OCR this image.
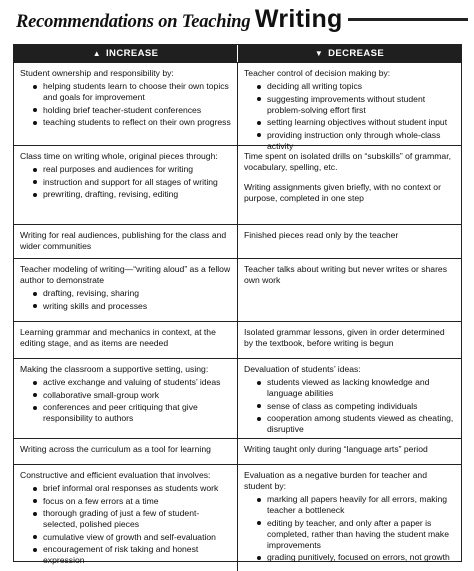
Recommendations on Teaching Writing
▲ INCREASE	▼ DECREASE

Student ownership and responsibility by:

helping students learn to choose their own topics and goals for improvement
holding brief teacher-student conferences
teaching students to reflect on their own progress

Teacher control of decision making by:

deciding all writing topics
suggesting improvements without student problem-solving effort first
setting learning objectives without student input
providing instruction only through whole-class activity

Class time on writing whole, original pieces through:

real purposes and audiences for writing
instruction and support for all stages of writing
prewriting, drafting, revising, editing

Time spent on isolated drills on “subskills” of grammar, vocabulary, spelling, etc.

Writing assignments given briefly, with no context or purpose, completed in one step

Writing for real audiences, publishing for the class and wider communities

Finished pieces read only by the teacher

Teacher modeling of writing—“writing aloud” as a fellow author to demonstrate

drafting, revising, sharing
writing skills and processes

Teacher talks about writing but never writes or shares own work

Learning grammar and mechanics in context, at the editing stage, and as items are needed

Isolated grammar lessons, given in order determined by the textbook, before writing is begun

Making the classroom a supportive setting, using:

active exchange and valuing of students’ ideas
collaborative small-group work
conferences and peer critiquing that give responsibility to authors

Devaluation of students’ ideas:

students viewed as lacking knowledge and language abilities
sense of class as competing individuals
cooperation among students viewed as cheating, disruptive

Writing across the curriculum as a tool for learning	Writing taught only during “language arts” period

Constructive and efficient evaluation that involves:

brief informal oral responses as students work
focus on a few errors at a time
thorough grading of just a few of student-selected, polished pieces
cumulative view of growth and self-evaluation
encouragement of risk taking and honest expression

Evaluation as a negative burden for teacher and student by:

marking all papers heavily for all errors, making teacher a bottleneck
editing by teacher, and only after a paper is completed, rather than having the student make improvements
grading punitively, focused on errors, not growth
